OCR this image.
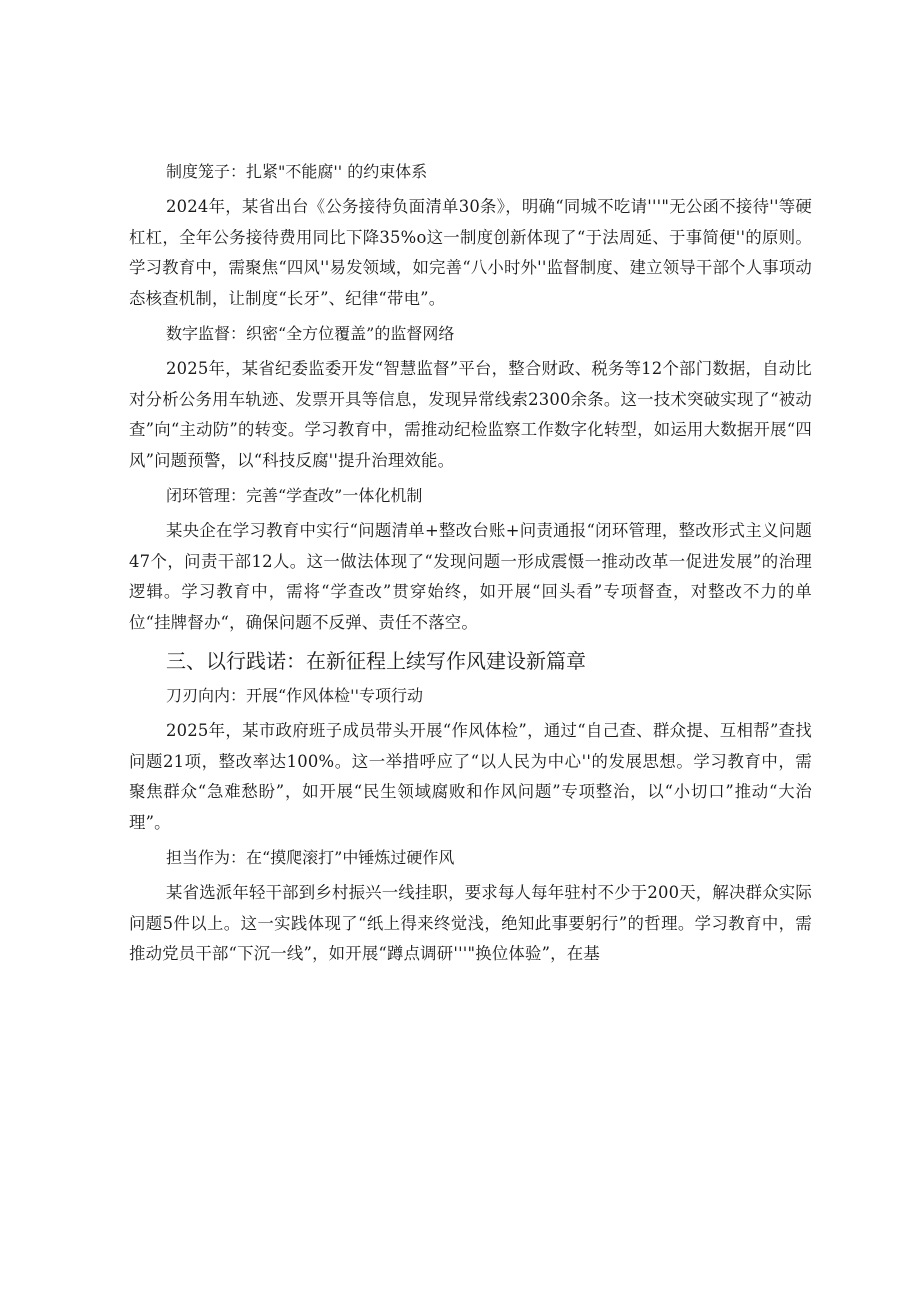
制度笼子：扎紧"不能腐'' 的约束体系
2024年，某省出台《公务接待负面清单30条》，明确“同城不吃请'''"无公函不接待''等硬杠杠，全年公务接待费用同比下降35%o这一制度创新体现了“于法周延、于事简便''的原则。学习教育中，需聚焦“四风''易发领域，如完善“八小时外''监督制度、建立领导干部个人事项动态核查机制，让制度“长牙”、纪律“带电”。
数字监督：织密“全方位覆盖”的监督网络
2025年，某省纪委监委开发“智慧监督”平台，整合财政、税务等12个部门数据，自动比对分析公务用车轨迹、发票开具等信息，发现异常线索2300余条。这一技术突破实现了“被动查”向“主动防”的转变。学习教育中，需推动纪检监察工作数字化转型，如运用大数据开展“四风”问题预警，以“科技反腐''提升治理效能。
闭环管理：完善“学查改”一体化机制
某央企在学习教育中实行“问题清单+整改台账+问责通报“闭环管理，整改形式主义问题47个，问责干部12人。这一做法体现了“发现问题一形成震慑一推动改革一促进发展”的治理逻辑。学习教育中，需将“学查改”贯穿始终，如开展“回头看”专项督查，对整改不力的单位“挂牌督办“，确保问题不反弹、责任不落空。
三、以行践诺：在新征程上续写作风建设新篇章
刀刃向内：开展“作风体检''专项行动
2025年，某市政府班子成员带头开展“作风体检”，通过“自己查、群众提、互相帮”查找问题21项，整改率达100%。这一举措呼应了“以人民为中心''的发展思想。学习教育中，需聚焦群众“急难愁盼”，如开展“民生领域腐败和作风问题”专项整治，以“小切口”推动“大治理”。
担当作为：在“摸爬滚打”中锤炼过硬作风
某省选派年轻干部到乡村振兴一线挂职，要求每人每年驻村不少于200天，解决群众实际问题5件以上。这一实践体现了“纸上得来终觉浅，绝知此事要躬行”的哲理。学习教育中，需推动党员干部“下沉一线”，如开展“蹲点调研'''"换位体验”，在基
